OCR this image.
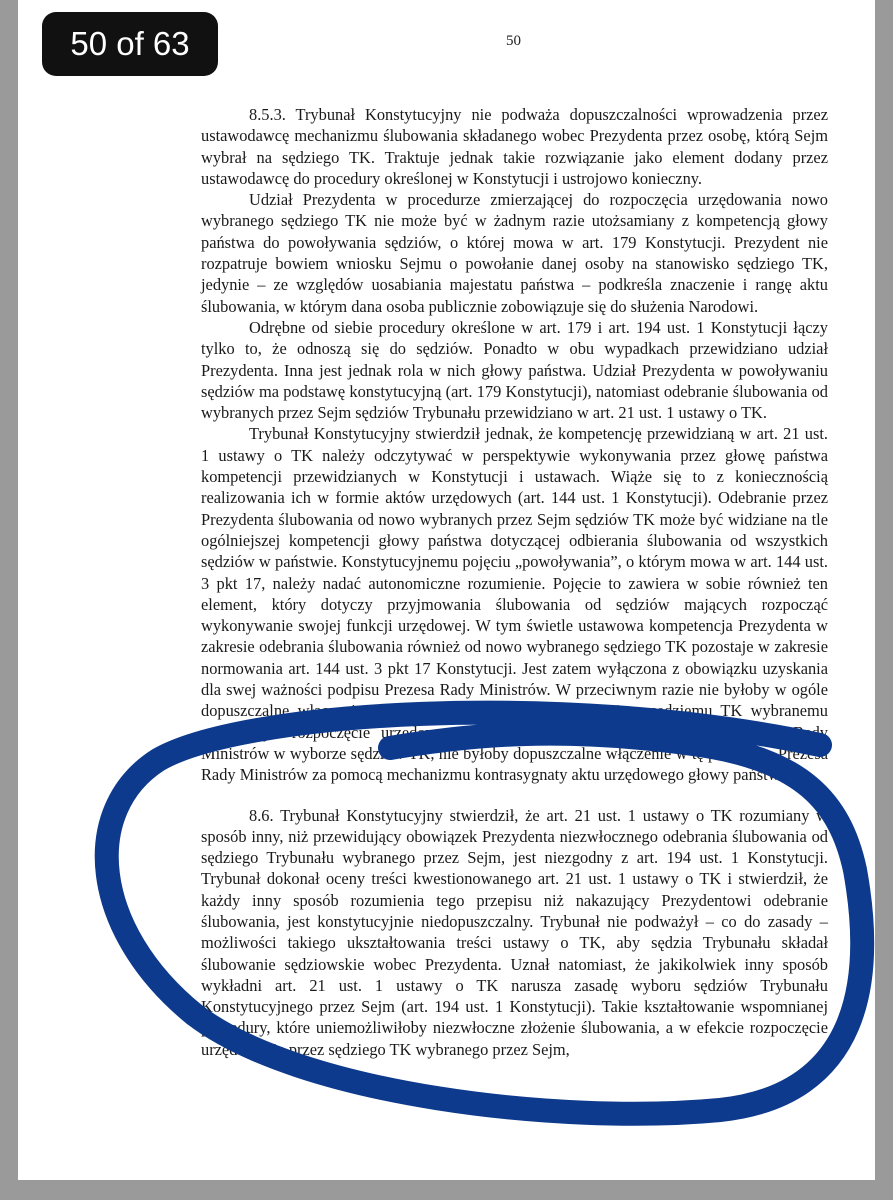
50 of 63	50

8.5.3. Trybunał Konstytucyjny nie podważa dopuszczalności wprowadzenia przez ustawodawcę mechanizmu ślubowania składanego wobec Prezydenta przez osobę, którą Sejm wybrał na sędziego TK. Traktuje jednak takie rozwiązanie jako element dodany przez ustawodawcę do procedury określonej w Konstytucji i ustrojowo konieczny.

Udział Prezydenta w procedurze zmierzającej do rozpoczęcia urzędowania nowo wybranego sędziego TK nie może być w żadnym razie utożsamiany z kompetencją głowy państwa do powoływania sędziów, o której mowa w art. 179 Konstytucji. Prezydent nie rozpatruje bowiem wniosku Sejmu o powołanie danej osoby na stanowisko sędziego TK, jedynie – ze względów uosabiania majestatu państwa – podkreśla znaczenie i rangę aktu ślubowania, w którym dana osoba publicznie zobowiązuje się do służenia Narodowi.

Odrębne od siebie procedury określone w art. 179 i art. 194 ust. 1 Konstytucji łączy tylko to, że odnoszą się do sędziów. Ponadto w obu wypadkach przewidziano udział Prezydenta. Inna jest jednak rola w nich głowy państwa. Udział Prezydenta w powoływaniu sędziów ma podstawę konstytucyjną (art. 179 Konstytucji), natomiast odebranie ślubowania od wybranych przez Sejm sędziów Trybunału przewidziano w art. 21 ust. 1 ustawy o TK.

Trybunał Konstytucyjny stwierdził jednak, że kompetencję przewidzianą w art. 21 ust. 1 ustawy o TK należy odczytywać w perspektywie wykonywania przez głowę państwa kompetencji przewidzianych w Konstytucji i ustawach. Wiąże się to z koniecznością realizowania ich w formie aktów urzędowych (art. 144 ust. 1 Konstytucji). Odebranie przez Prezydenta ślubowania od nowo wybranych przez Sejm sędziów TK może być widziane na tle ogólniejszej kompetencji głowy państwa dotyczącej odbierania ślubowania od wszystkich sędziów w państwie. Konstytucyjnemu pojęciu „powoływania”, o którym mowa w art. 144 ust. 3 pkt 17, należy nadać autonomiczne rozumienie. Pojęcie to zawiera w sobie również ten element, który dotyczy przyjmowania ślubowania od sędziów mających rozpocząć wykonywanie swojej funkcji urzędowej. W tym świetle ustawowa kompetencja Prezydenta w zakresie odebrania ślubowania również od nowo wybranego sędziego TK pozostaje w zakresie normowania art. 144 ust. 3 pkt 17 Konstytucji. Jest zatem wyłączona z obowiązku uzyskania dla swej ważności podpisu Prezesa Rady Ministrów. W przeciwnym razie nie byłoby w ogóle dopuszczalne włączenie Prezydenta w procedurę umożliwiającą sędziemu TK wybranemu przez Sejm rozpoczęcie urzędowania. Skoro Konstytucja nie przewiduje udziału Rady Ministrów w wyborze sędziów TK, nie byłoby dopuszczalne włączenie w tę procedurę Prezesa Rady Ministrów za pomocą mechanizmu kontrasygnaty aktu urzędowego głowy państwa.

8.6. Trybunał Konstytucyjny stwierdził, że art. 21 ust. 1 ustawy o TK rozumiany w sposób inny, niż przewidujący obowiązek Prezydenta niezwłocznego odebrania ślubowania od sędziego Trybunału wybranego przez Sejm, jest niezgodny z art. 194 ust. 1 Konstytucji. Trybunał dokonał oceny treści kwestionowanego art. 21 ust. 1 ustawy o TK i stwierdził, że każdy inny sposób rozumienia tego przepisu niż nakazujący Prezydentowi odebranie ślubowania, jest konstytucyjnie niedopuszczalny. Trybunał nie podważył – co do zasady – możliwości takiego ukształtowania treści ustawy o TK, aby sędzia Trybunału składał ślubowanie sędziowskie wobec Prezydenta. Uznał natomiast, że jakikolwiek inny sposób wykładni art. 21 ust. 1 ustawy o TK narusza zasadę wyboru sędziów Trybunału Konstytucyjnego przez Sejm (art. 194 ust. 1 Konstytucji). Takie kształtowanie wspomnianej procedury, które uniemożliwiłoby niezwłoczne złożenie ślubowania, a w efekcie rozpoczęcie urzędowania przez sędziego TK wybranego przez Sejm,
